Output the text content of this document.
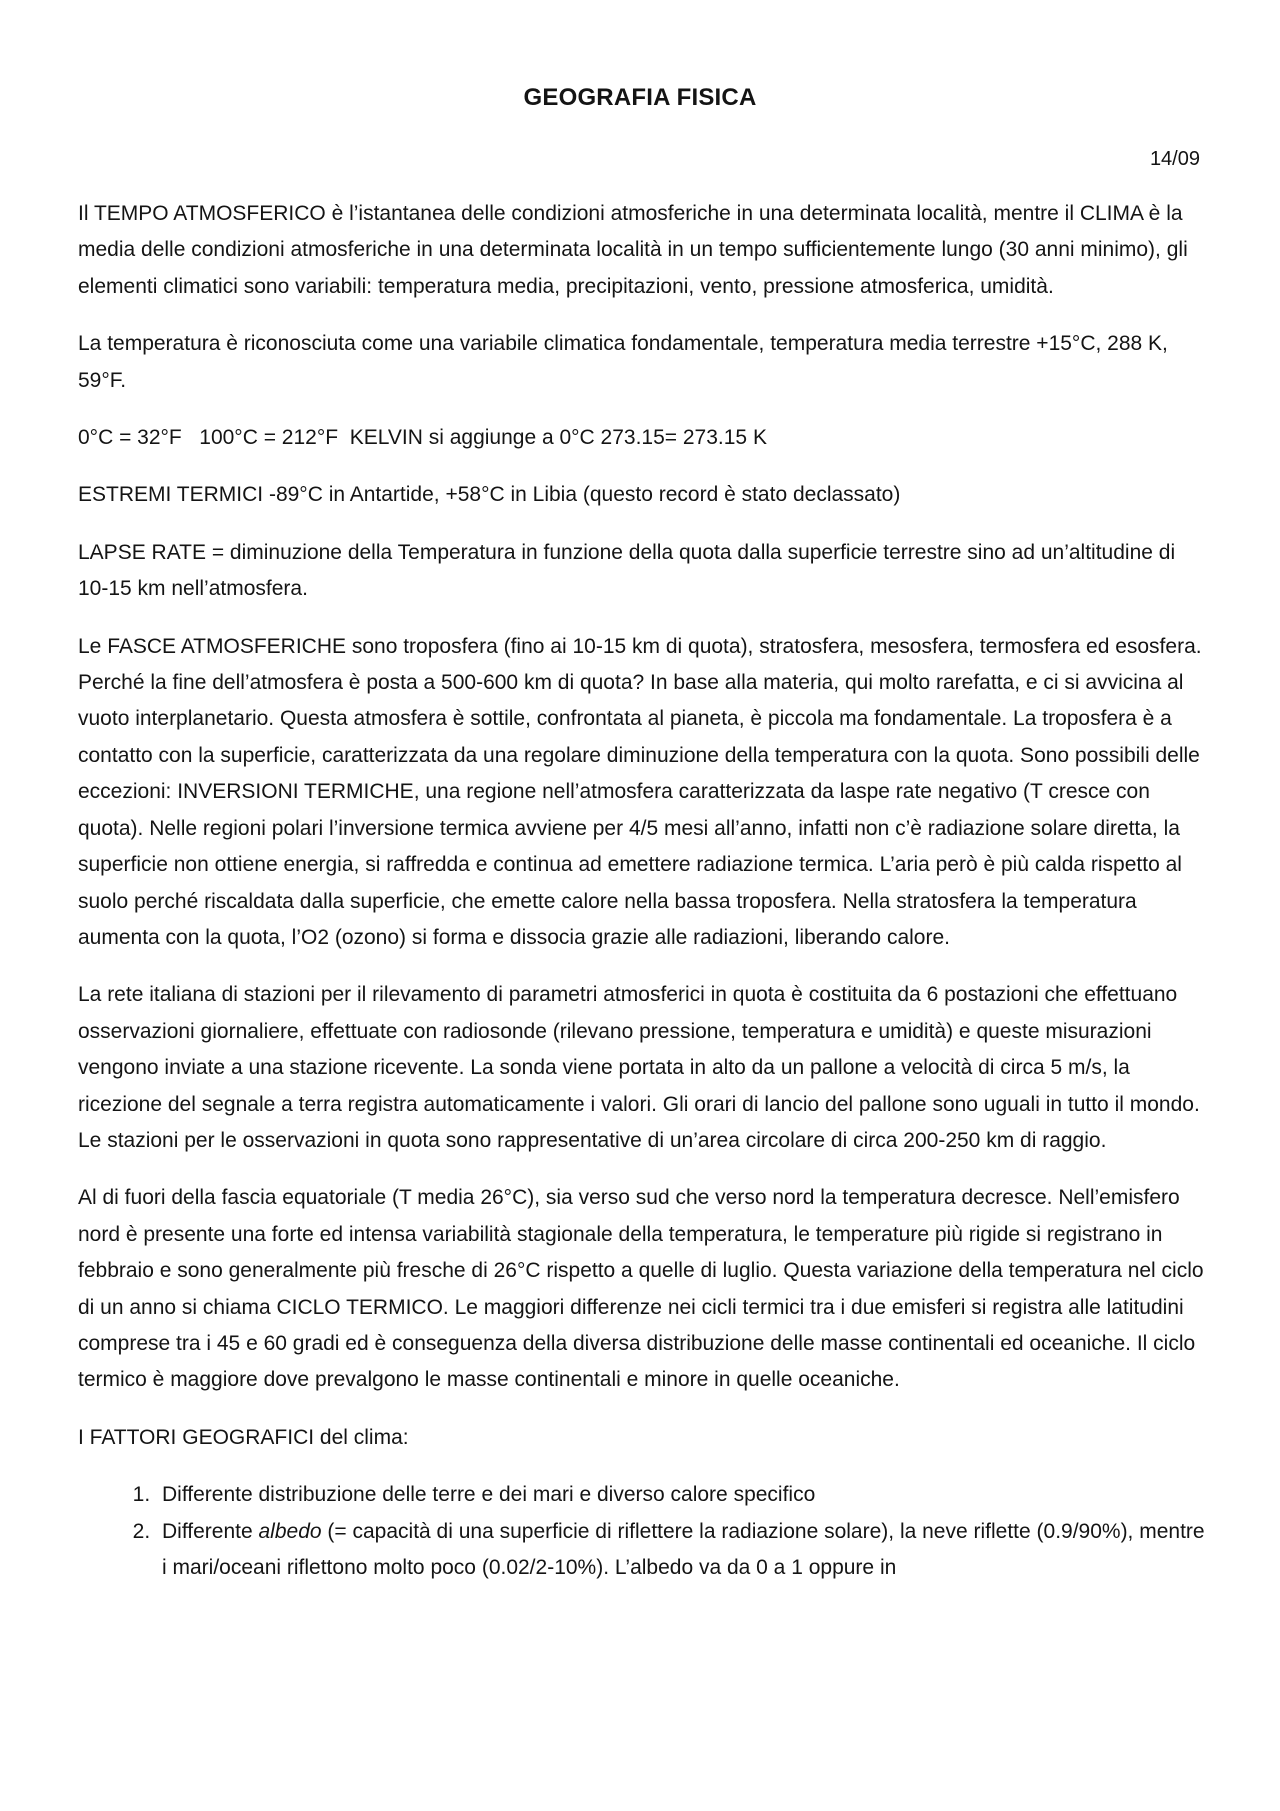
GEOGRAFIA FISICA
14/09

Il TEMPO ATMOSFERICO è l’istantanea delle condizioni atmosferiche in una determinata località, mentre il CLIMA è la media delle condizioni atmosferiche in una determinata località in un tempo sufficientemente lungo (30 anni minimo), gli elementi climatici sono variabili: temperatura media, precipitazioni, vento, pressione atmosferica, umidità.

La temperatura è riconosciuta come una variabile climatica fondamentale, temperatura media terrestre +15°C, 288 K, 59°F.

0°C = 32°F   100°C = 212°F  KELVIN si aggiunge a 0°C 273.15= 273.15 K

ESTREMI TERMICI -89°C in Antartide, +58°C in Libia (questo record è stato declassato)

LAPSE RATE = diminuzione della Temperatura in funzione della quota dalla superficie terrestre sino ad un’altitudine di 10-15 km nell’atmosfera.

Le FASCE ATMOSFERICHE sono troposfera (fino ai 10-15 km di quota), stratosfera, mesosfera, termosfera ed esosfera. Perché la fine dell’atmosfera è posta a 500-600 km di quota? In base alla materia, qui molto rarefatta, e ci si avvicina al vuoto interplanetario. Questa atmosfera è sottile, confrontata al pianeta, è piccola ma fondamentale. La troposfera è a contatto con la superficie, caratterizzata da una regolare diminuzione della temperatura con la quota. Sono possibili delle eccezioni: INVERSIONI TERMICHE, una regione nell’atmosfera caratterizzata da laspe rate negativo (T cresce con quota). Nelle regioni polari l’inversione termica avviene per 4/5 mesi all’anno, infatti non c’è radiazione solare diretta, la superficie non ottiene energia, si raffredda e continua ad emettere radiazione termica. L’aria però è più calda rispetto al suolo perché riscaldata dalla superficie, che emette calore nella bassa troposfera. Nella stratosfera la temperatura aumenta con la quota, l’O2 (ozono) si forma e dissocia grazie alle radiazioni, liberando calore.

La rete italiana di stazioni per il rilevamento di parametri atmosferici in quota è costituita da 6 postazioni che effettuano osservazioni giornaliere, effettuate con radiosonde (rilevano pressione, temperatura e umidità) e queste misurazioni vengono inviate a una stazione ricevente. La sonda viene portata in alto da un pallone a velocità di circa 5 m/s, la ricezione del segnale a terra registra automaticamente i valori. Gli orari di lancio del pallone sono uguali in tutto il mondo. Le stazioni per le osservazioni in quota sono rappresentative di un’area circolare di circa 200-250 km di raggio.

Al di fuori della fascia equatoriale (T media 26°C), sia verso sud che verso nord la temperatura decresce. Nell’emisfero nord è presente una forte ed intensa variabilità stagionale della temperatura, le temperature più rigide si registrano in febbraio e sono generalmente più fresche di 26°C rispetto a quelle di luglio. Questa variazione della temperatura nel ciclo di un anno si chiama CICLO TERMICO. Le maggiori differenze nei cicli termici tra i due emisferi si registra alle latitudini comprese tra i 45 e 60 gradi ed è conseguenza della diversa distribuzione delle masse continentali ed oceaniche. Il ciclo termico è maggiore dove prevalgono le masse continentali e minore in quelle oceaniche.

I FATTORI GEOGRAFICI del clima:

1. Differente distribuzione delle terre e dei mari e diverso calore specifico
2. Differente albedo (= capacità di una superficie di riflettere la radiazione solare), la neve riflette (0.9/90%), mentre i mari/oceani riflettono molto poco (0.02/2-10%). L’albedo va da 0 a 1 oppure in
